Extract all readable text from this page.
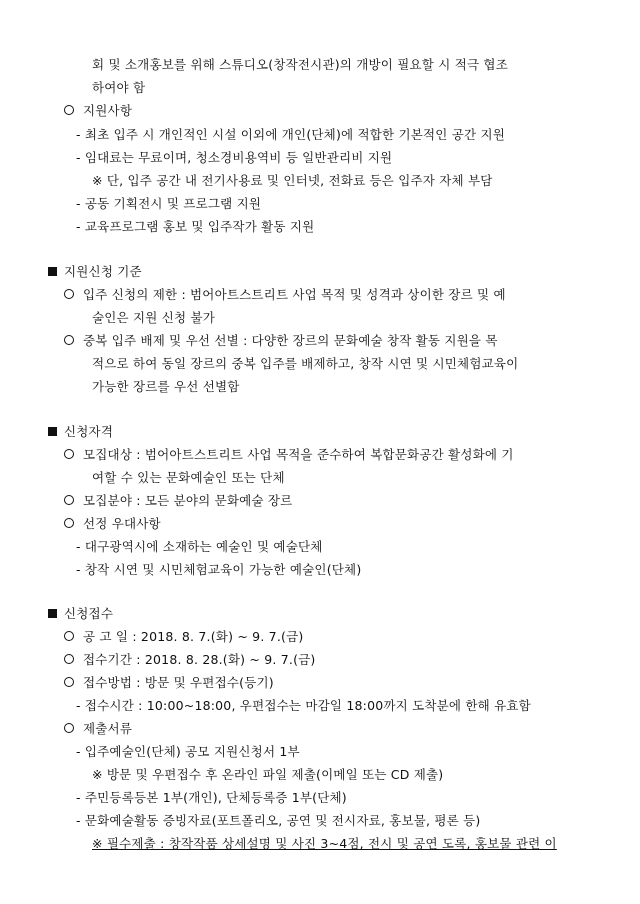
회 및 소개홍보를 위해 스튜디오(창작전시관)의 개방이 필요할 시 적극 협조
하여야 함
지원사항
- 최초 입주 시 개인적인 시설 이외에 개인(단체)에 적합한 기본적인 공간 지원
- 임대료는 무료이며, 청소경비용역비 등 일반관리비 지원
※ 단, 입주 공간 내 전기사용료 및 인터넷, 전화료 등은 입주자 자체 부담
- 공동 기획전시 및 프로그램 지원
- 교육프로그램 홍보 및 입주작가 활동 지원
지원신청 기준
입주 신청의 제한 : 범어아트스트리트 사업 목적 및 성격과 상이한 장르 및 예
술인은 지원 신청 불가
중복 입주 배제 및 우선 선별 : 다양한 장르의 문화예술 창작 활동 지원을 목
적으로 하여 동일 장르의 중복 입주를 배제하고, 창작 시연 및 시민체험교육이
가능한 장르를 우선 선별함
신청자격
모집대상 : 범어아트스트리트 사업 목적을 준수하여 복합문화공간 활성화에 기
여할 수 있는 문화예술인 또는 단체
모집분야 : 모든 분야의 문화예술 장르
선정 우대사항
- 대구광역시에 소재하는 예술인 및 예술단체
- 창작 시연 및 시민체험교육이 가능한 예술인(단체)
신청접수
공 고 일 : 2018. 8. 7.(화) ~ 9. 7.(금)
접수기간 : 2018. 8. 28.(화) ~ 9. 7.(금)
접수방법 : 방문 및 우편접수(등기)
- 접수시간 : 10:00~18:00, 우편접수는 마감일 18:00까지 도착분에 한해 유효함
제출서류
- 입주예술인(단체) 공모 지원신청서 1부
※ 방문 및 우편접수 후 온라인 파일 제출(이메일 또는 CD 제출)
- 주민등록등본 1부(개인), 단체등록증 1부(단체)
- 문화예술활동 증빙자료(포트폴리오, 공연 및 전시자료, 홍보물, 평론 등)
※ 필수제출 : 창작작품 상세설명 및 사진 3~4점, 전시 및 공연 도록, 홍보물 관련 이
